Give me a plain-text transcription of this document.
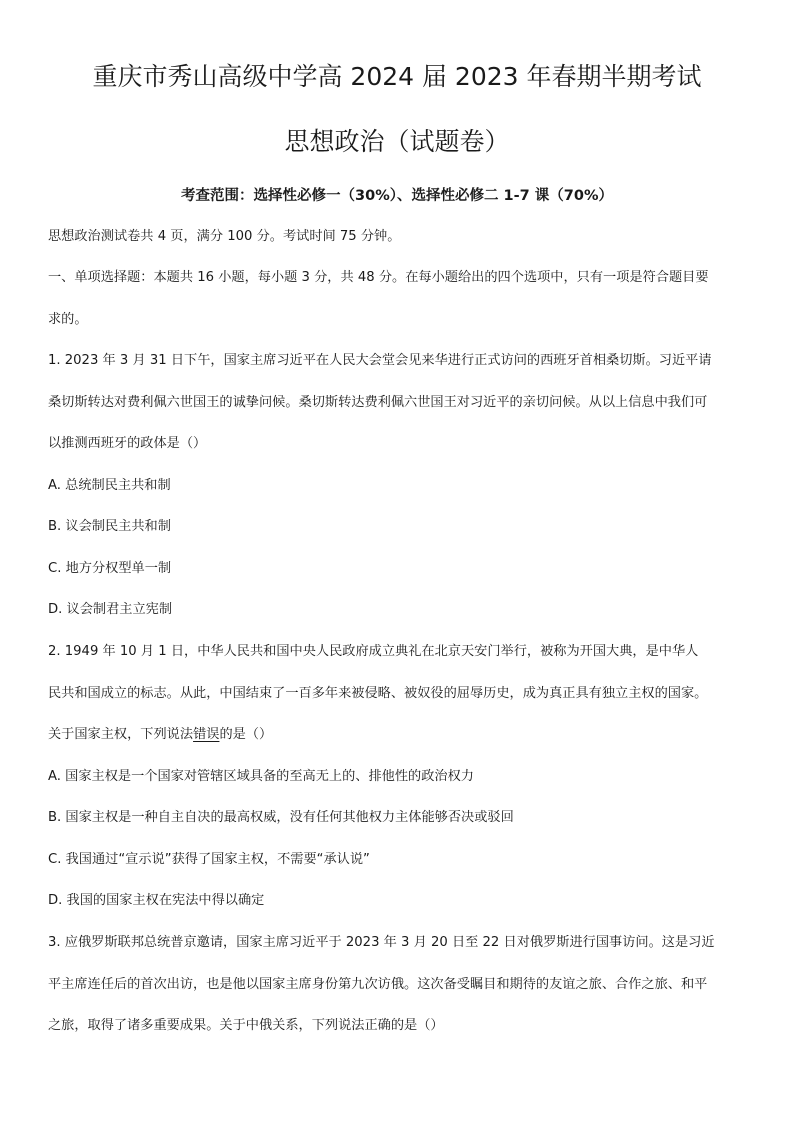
重庆市秀山高级中学高 2024 届 2023 年春期半期考试
思想政治（试题卷）
考查范围：选择性必修一（30%）、选择性必修二 1-7 课（70%）
思想政治测试卷共 4 页，满分 100 分。考试时间 75 分钟。
一、单项选择题：本题共 16 小题，每小题 3 分，共 48 分。在每小题给出的四个选项中，只有一项是符合题目要
求的。
1. 2023 年 3 月 31 日下午，国家主席习近平在人民大会堂会见来华进行正式访问的西班牙首相桑切斯。习近平请
桑切斯转达对费利佩六世国王的诚挚问候。桑切斯转达费利佩六世国王对习近平的亲切问候。从以上信息中我们可
以推测西班牙的政体是（）
A. 总统制民主共和制
B. 议会制民主共和制
C. 地方分权型单一制
D. 议会制君主立宪制
2. 1949 年 10 月 1 日，中华人民共和国中央人民政府成立典礼在北京天安门举行，被称为开国大典，是中华人
民共和国成立的标志。从此，中国结束了一百多年来被侵略、被奴役的屈辱历史，成为真正具有独立主权的国家。
关于国家主权，下列说法错误的是（）
A. 国家主权是一个国家对管辖区域具备的至高无上的、排他性的政治权力
B. 国家主权是一种自主自决的最高权威，没有任何其他权力主体能够否决或驳回
C. 我国通过“宣示说”获得了国家主权，不需要“承认说”
D. 我国的国家主权在宪法中得以确定
3. 应俄罗斯联邦总统普京邀请，国家主席习近平于 2023 年 3 月 20 日至 22 日对俄罗斯进行国事访问。这是习近
平主席连任后的首次出访，也是他以国家主席身份第九次访俄。这次备受瞩目和期待的友谊之旅、合作之旅、和平
之旅，取得了诸多重要成果。关于中俄关系，下列说法正确的是（）
